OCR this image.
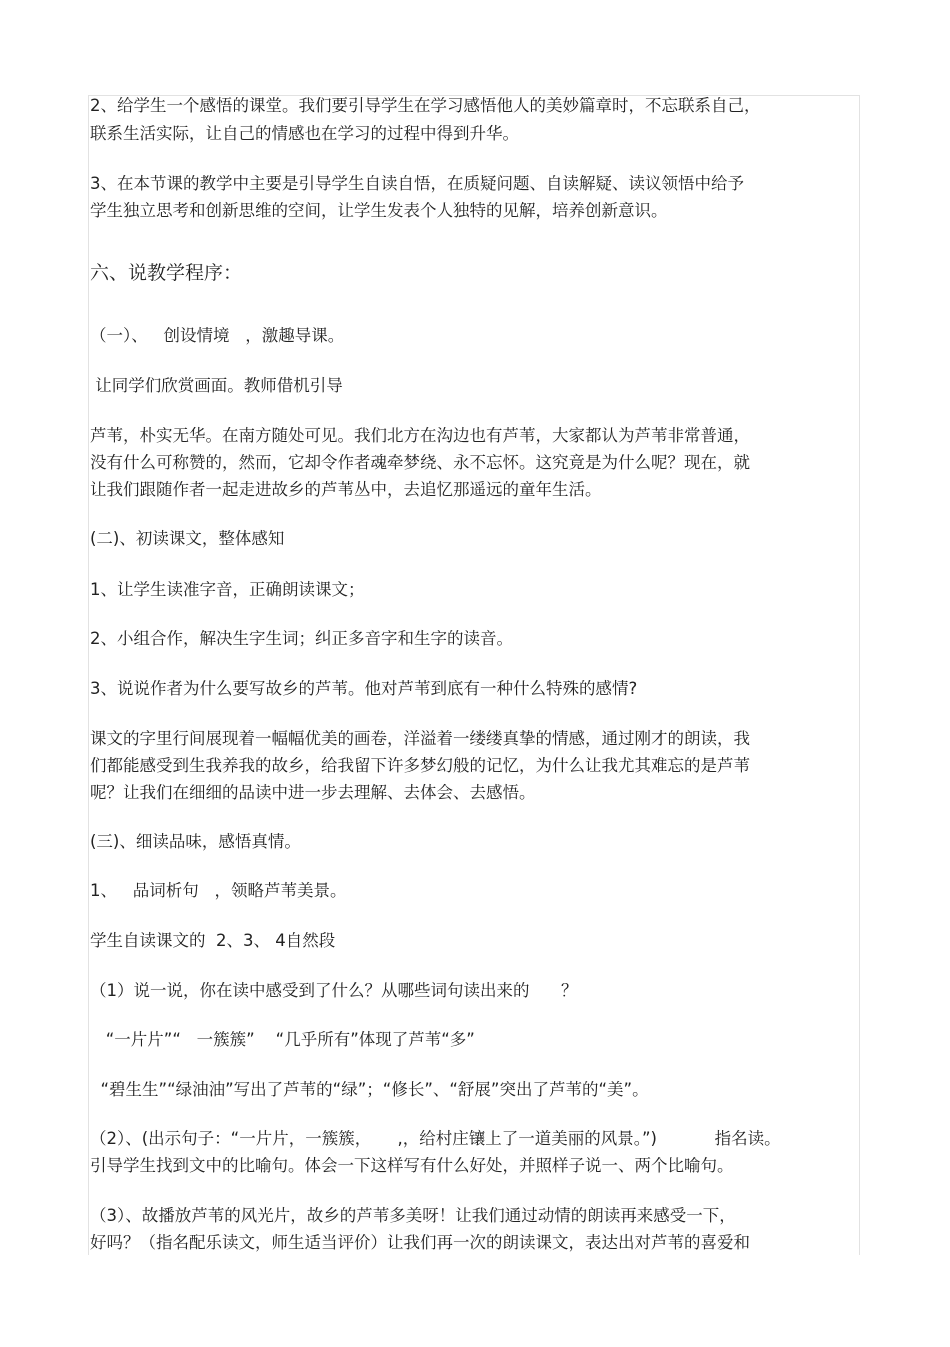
2、给学生一个感悟的课堂。我们要引导学生在学习感悟他人的美妙篇章时，不忘联系自己，
联系生活实际，让自己的情感也在学习的过程中得到升华。
3、在本节课的教学中主要是引导学生自读自悟，在质疑问题、自读解疑、读议领悟中给予
学生独立思考和创新思维的空间，让学生发表个人独特的见解，培养创新意识。
六、说教学程序：
（一）、   创设情境   ，激趣导课。
让同学们欣赏画面。教师借机引导
芦苇，朴实无华。在南方随处可见。我们北方在沟边也有芦苇，大家都认为芦苇非常普通，
没有什么可称赞的，然而，它却令作者魂牵梦绕、永不忘怀。这究竟是为什么呢？现在，就
让我们跟随作者一起走进故乡的芦苇丛中，去追忆那遥远的童年生活。
(二)、初读课文，整体感知
1、让学生读准字音，正确朗读课文；
2、小组合作，解决生字生词；纠正多音字和生字的读音。
3、说说作者为什么要写故乡的芦苇。他对芦苇到底有一种什么特殊的感情?
课文的字里行间展现着一幅幅优美的画卷，洋溢着一缕缕真挚的情感，通过刚才的朗读，我
们都能感受到生我养我的故乡，给我留下许多梦幻般的记忆，为什么让我尤其难忘的是芦苇
呢？让我们在细细的品读中进一步去理解、去体会、去感悟。
(三)、细读品味，感悟真情。
1、   品词析句   ，领略芦苇美景。
学生自读课文的  2、3、 4自然段
（1）说一说，你在读中感受到了什么？从哪些词句读出来的      ？
“一片片”“   一簇簇”    “几乎所有”体现了芦苇“多”
“碧生生”“绿油油”写出了芦苇的“绿”；“修长”、“舒展”突出了芦苇的“美”。
（2）、(出示句子：“一片片，一簇簇，     ,，给村庄镶上了一道美丽的风景。”)           指名读。
引导学生找到文中的比喻句。体会一下这样写有什么好处，并照样子说一、两个比喻句。
（3）、故播放芦苇的风光片，故乡的芦苇多美呀！让我们通过动情的朗读再来感受一下，
好吗？（指名配乐读文，师生适当评价）让我们再一次的朗读课文，表达出对芦苇的喜爱和
